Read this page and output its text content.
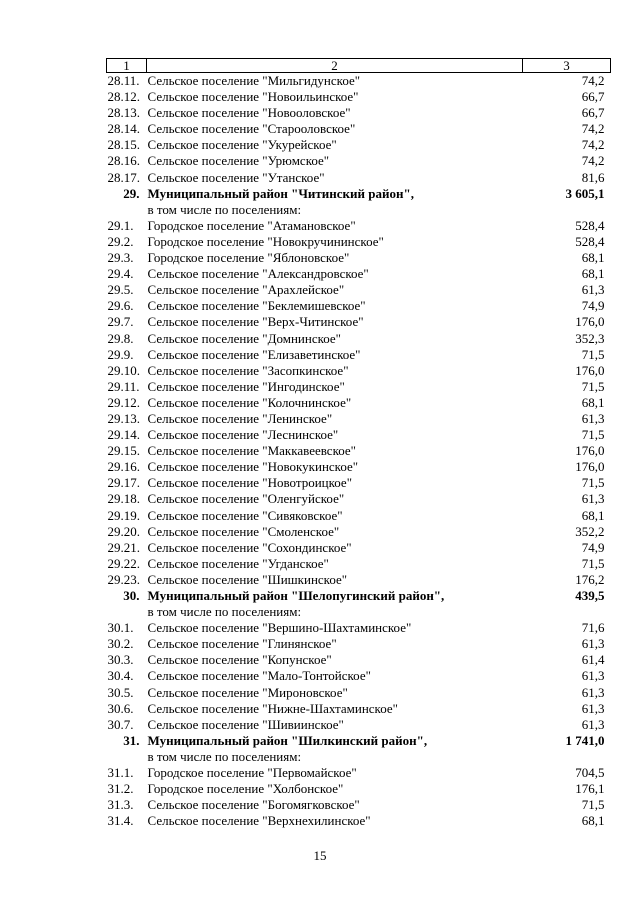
1	2	3
28.11.	Сельское поселение "Мильгидунское"	74,2
28.12.	Сельское поселение "Новоильинское"	66,7
28.13.	Сельское поселение "Новооловское"	66,7
28.14.	Сельское поселение "Старооловское"	74,2
28.15.	Сельское поселение "Укурейское"	74,2
28.16.	Сельское поселение "Урюмское"	74,2
28.17.	Сельское поселение "Утанское"	81,6
29.	Муниципальный район "Читинский район",	3 605,1
	в том числе по поселениям:	
29.1.	Городское поселение "Атамановское"	528,4
29.2.	Городское поселение "Новокручининское"	528,4
29.3.	Городское поселение "Яблоновское"	68,1
29.4.	Сельское поселение "Александровское"	68,1
29.5.	Сельское поселение "Арахлейское"	61,3
29.6.	Сельское поселение "Беклемишевское"	74,9
29.7.	Сельское поселение "Верх-Читинское"	176,0
29.8.	Сельское поселение "Домнинское"	352,3
29.9.	Сельское поселение "Елизаветинское"	71,5
29.10.	Сельское поселение "Засопкинское"	176,0
29.11.	Сельское поселение "Ингодинское"	71,5
29.12.	Сельское поселение "Колочнинское"	68,1
29.13.	Сельское поселение "Ленинское"	61,3
29.14.	Сельское поселение "Леснинское"	71,5
29.15.	Сельское поселение "Маккавеевское"	176,0
29.16.	Сельское поселение "Новокукинское"	176,0
29.17.	Сельское поселение "Новотроицкое"	71,5
29.18.	Сельское поселение "Оленгуйское"	61,3
29.19.	Сельское поселение "Сивяковское"	68,1
29.20.	Сельское поселение "Смоленское"	352,2
29.21.	Сельское поселение "Сохондинское"	74,9
29.22.	Сельское поселение "Угданское"	71,5
29.23.	Сельское поселение "Шишкинское"	176,2
30.	Муниципальный район "Шелопугинский район",	439,5
	в том числе по поселениям:	
30.1.	Сельское поселение "Вершино-Шахтаминское"	71,6
30.2.	Сельское поселение "Глинянское"	61,3
30.3.	Сельское поселение "Копунское"	61,4
30.4.	Сельское поселение "Мало-Тонтойское"	61,3
30.5.	Сельское поселение "Мироновское"	61,3
30.6.	Сельское поселение "Нижне-Шахтаминское"	61,3
30.7.	Сельское поселение "Шивиинское"	61,3
31.	Муниципальный район "Шилкинский район",	1 741,0
	в том числе по поселениям:	
31.1.	Городское поселение "Первомайское"	704,5
31.2.	Городское поселение "Холбонское"	176,1
31.3.	Сельское поселение "Богомягковское"	71,5
31.4.	Сельское поселение "Верхнехилинское"	68,1
15
